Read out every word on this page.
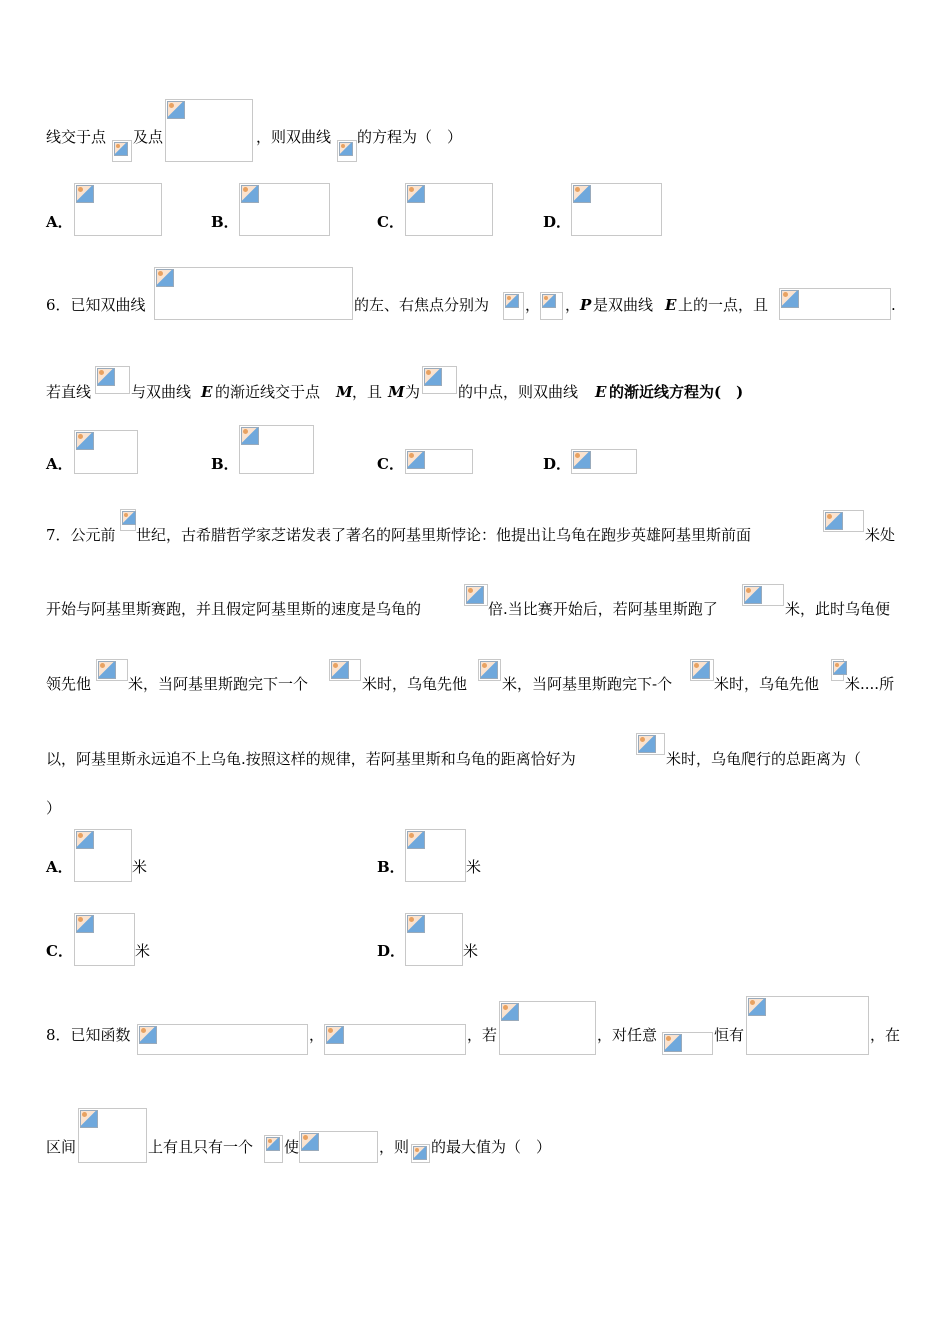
线交于点 及点	，则双曲线 的方程为（　）
A．	B．	C．	D．
6．已知双曲线	的左、右焦点分别为 ， ， P 是双曲线 E 上的一点，且	.
若直线	与双曲线 E 的渐近线交于点 M ，且 M 为	的中点，则双曲线 E 的渐近线方程为(　)
A．	B．	C．	D．
7．公元前 世纪，古希腊哲学家芝诺发表了著名的阿基里斯悖论：他提出让乌龟在跑步英雄阿基里斯前面	米处
开始与阿基里斯赛跑，并且假定阿基里斯的速度是乌龟的	倍.当比赛开始后，若阿基里斯跑了	米，此时乌龟便
领先他 米，当阿基里斯跑完下一个	米时，乌龟先他 米，当阿基里斯跑完下-个	米时，乌龟先他 米....所
以，阿基里斯永远追不上乌龟.按照这样的规律，若阿基里斯和乌龟的距离恰好为	米时，乌龟爬行的总距离为（
）
A．	米	B．	米
C．	米	D．	米
8．已知函数	，	，若	，对任意	恒有	，在
区间	上有且只有一个 使	，则 的最大值为（　）
